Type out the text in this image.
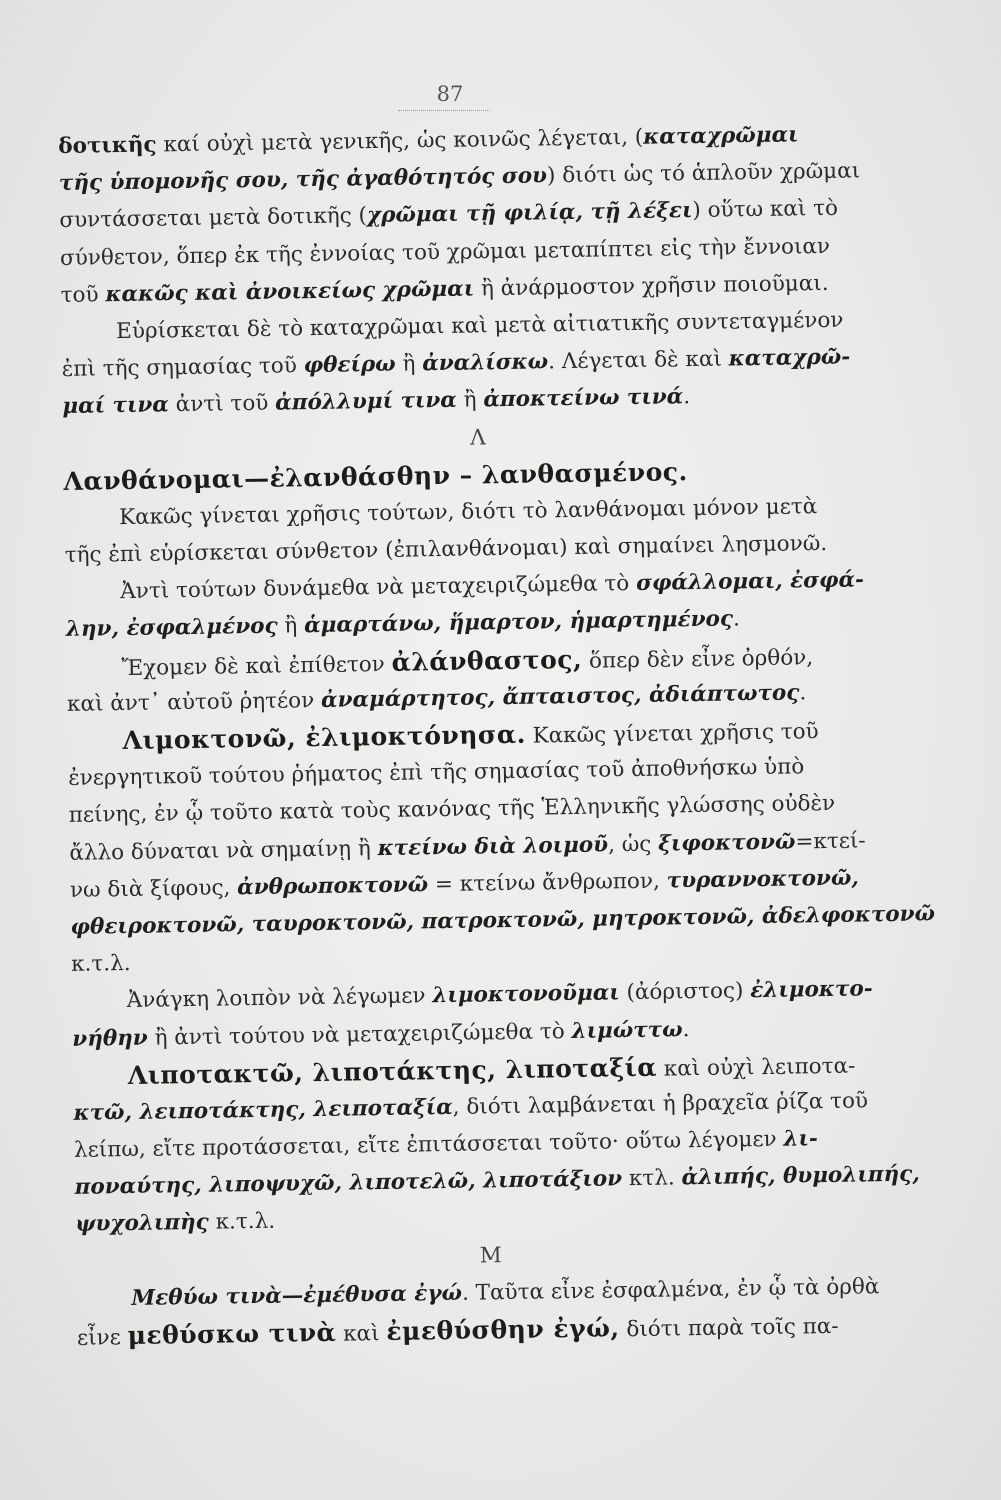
87
δοτικῆς καί οὐχὶ μετὰ γενικῆς, ὡς κοινῶς λέγεται, (καταχρῶμαι
τῆς ὑπομονῆς σου, τῆς ἀγαθότητός σου) διότι ὡς τό ἁπλοῦν χρῶμαι
συντάσσεται μετὰ δοτικῆς (χρῶμαι τῇ φιλίᾳ, τῇ λέξει) οὕτω καὶ τὸ
σύνθετον, ὅπερ ἐκ τῆς ἐννοίας τοῦ χρῶμαι μεταπίπτει εἰς τὴν ἔννοιαν
τοῦ κακῶς καὶ ἀνοικείως χρῶμαι ἢ ἀνάρμοστον χρῆσιν ποιοῦμαι.
Εὑρίσκεται δὲ τὸ καταχρῶμαι καὶ μετὰ αἰτιατικῆς συντεταγμένον
ἐπὶ τῆς σημασίας τοῦ φθείρω ἢ ἀναλίσκω. Λέγεται δὲ καὶ καταχρῶ-
μαί τινα ἀντὶ τοῦ ἀπόλλυμί τινα ἢ ἀποκτείνω τινά.
Λ
Λανθάνομαι—ἐλανθάσθην – λανθασμένος.
Κακῶς γίνεται χρῆσις τούτων, διότι τὸ λανθάνομαι μόνον μετὰ
τῆς ἐπὶ εὑρίσκεται σύνθετον (ἐπιλανθάνομαι) καὶ σημαίνει λησμονῶ.
Ἀντὶ τούτων δυνάμεθα νὰ μεταχειριζώμεθα τὸ σφάλλομαι, ἐσφά-
λην, ἐσφαλμένος ἢ ἁμαρτάνω, ἥμαρτον, ἡμαρτημένος.
Ἔχομεν δὲ καὶ ἐπίθετον ἀλάνθαστος, ὅπερ δὲν εἶνε ὀρθόν,
καὶ ἀντ᾽ αὐτοῦ ῥητέον ἀναμάρτητος, ἄπταιστος, ἀδιάπτωτος.
Λιμοκτονῶ, ἐλιμοκτόνησα. Κακῶς γίνεται χρῆσις τοῦ
ἐνεργητικοῦ τούτου ῥήματος ἐπὶ τῆς σημασίας τοῦ ἀποθνήσκω ὑπὸ
πείνης, ἐν ᾧ τοῦτο κατὰ τοὺς κανόνας τῆς Ἑλληνικῆς γλώσσης οὐδὲν
ἄλλο δύναται νὰ σημαίνῃ ἢ κτείνω διὰ λοιμοῦ, ὡς ξιφοκτονῶ=κτεί-
νω διὰ ξίφους, ἀνθρωποκτονῶ = κτείνω ἄνθρωπον, τυραννοκτονῶ,
φθειροκτονῶ, ταυροκτονῶ, πατροκτονῶ, μητροκτονῶ, ἀδελφοκτονῶ
κ.τ.λ.
Ἀνάγκη λοιπὸν νὰ λέγωμεν λιμοκτονοῦμαι (ἀόριστος) ἐλιμοκτο-
νήθην ἢ ἀντὶ τούτου νὰ μεταχειριζώμεθα τὸ λιμώττω.
Λιποτακτῶ, λιποτάκτης, λιποταξία καὶ οὐχὶ λειποτα-
κτῶ, λειποτάκτης, λειποταξία, διότι λαμβάνεται ἡ βραχεῖα ῥίζα τοῦ
λείπω, εἴτε προτάσσεται, εἴτε ἐπιτάσσεται τοῦτο· οὕτω λέγομεν λι-
ποναύτης, λιποψυχῶ, λιποτελῶ, λιποτάξιον κτλ. ἀλιπής, θυμολιπής,
ψυχολιπὴς κ.τ.λ.
Μ
Μεθύω τινὰ—ἐμέθυσα ἐγώ. Ταῦτα εἶνε ἐσφαλμένα, ἐν ᾧ τὰ ὀρθὰ
εἶνε μεθύσκω τινὰ καὶ ἐμεθύσθην ἐγώ, διότι παρὰ τοῖς πα-
